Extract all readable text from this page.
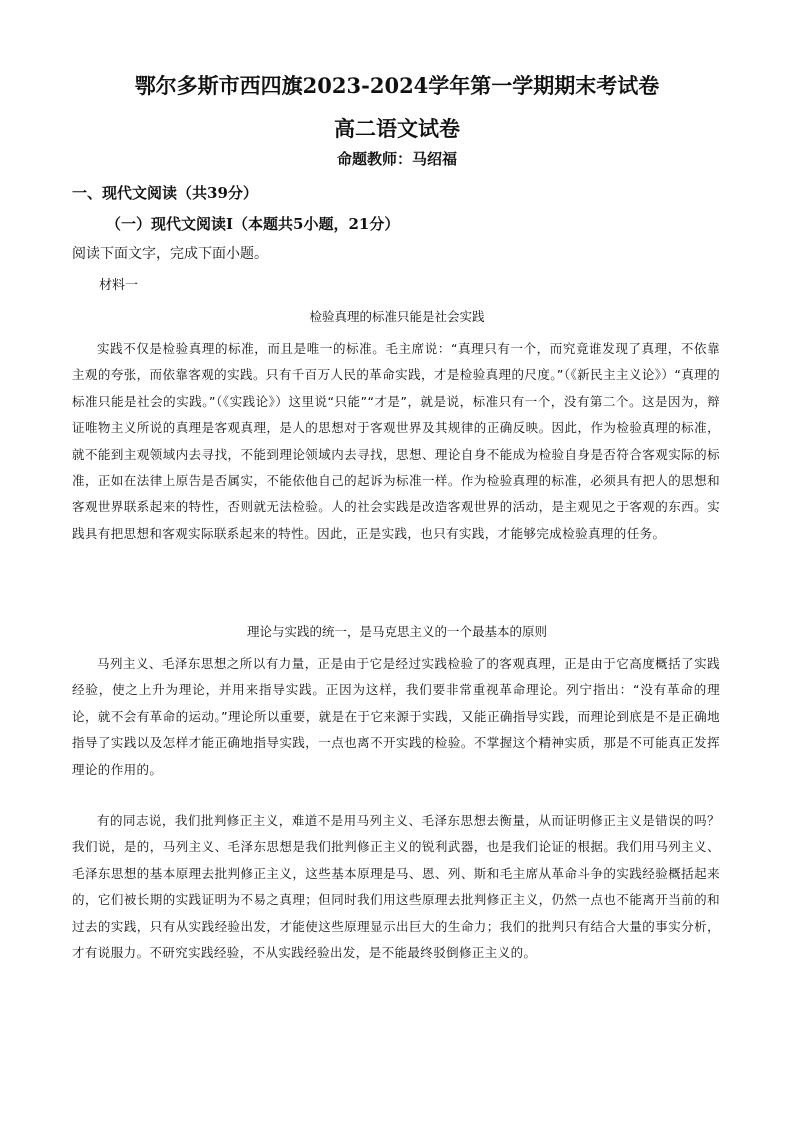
鄂尔多斯市西四旗2023-2024学年第一学期期末考试卷
高二语文试卷
命题教师：马绍福
一、现代文阅读（共39分）
（一）现代文阅读Ⅰ（本题共5小题，21分）
阅读下面文字，完成下面小题。
材料一
检验真理的标准只能是社会实践
实践不仅是检验真理的标准，而且是唯一的标准。毛主席说：“真理只有一个，而究竟谁发现了真理，不依靠主观的夸张，而依靠客观的实践。只有千百万人民的革命实践，才是检验真理的尺度。”（《新民主主义论》）“真理的标准只能是社会的实践。”（《实践论》）这里说“只能”“才是”，就是说，标准只有一个，没有第二个。这是因为，辩证唯物主义所说的真理是客观真理，是人的思想对于客观世界及其规律的正确反映。因此，作为检验真理的标准，就不能到主观领域内去寻找，不能到理论领域内去寻找，思想、理论自身不能成为检验自身是否符合客观实际的标准，正如在法律上原告是否属实，不能依他自己的起诉为标准一样。作为检验真理的标准，必须具有把人的思想和客观世界联系起来的特性，否则就无法检验。人的社会实践是改造客观世界的活动，是主观见之于客观的东西。实践具有把思想和客观实际联系起来的特性。因此，正是实践，也只有实践，才能够完成检验真理的任务。
理论与实践的统一，是马克思主义的一个最基本的原则
马列主义、毛泽东思想之所以有力量，正是由于它是经过实践检验了的客观真理，正是由于它高度概括了实践经验，使之上升为理论，并用来指导实践。正因为这样，我们要非常重视革命理论。列宁指出：“没有革命的理论，就不会有革命的运动。”理论所以重要，就是在于它来源于实践，又能正确指导实践，而理论到底是不是正确地指导了实践以及怎样才能正确地指导实践，一点也离不开实践的检验。不掌握这个精神实质，那是不可能真正发挥理论的作用的。
有的同志说，我们批判修正主义，难道不是用马列主义、毛泽东思想去衡量，从而证明修正主义是错误的吗？我们说，是的，马列主义、毛泽东思想是我们批判修正主义的锐利武器，也是我们论证的根据。我们用马列主义、毛泽东思想的基本原理去批判修正主义，这些基本原理是马、恩、列、斯和毛主席从革命斗争的实践经验概括起来的，它们被长期的实践证明为不易之真理；但同时我们用这些原理去批判修正主义，仍然一点也不能离开当前的和过去的实践，只有从实践经验出发，才能使这些原理显示出巨大的生命力；我们的批判只有结合大量的事实分析，才有说服力。不研究实践经验，不从实践经验出发，是不能最终驳倒修正主义的。
